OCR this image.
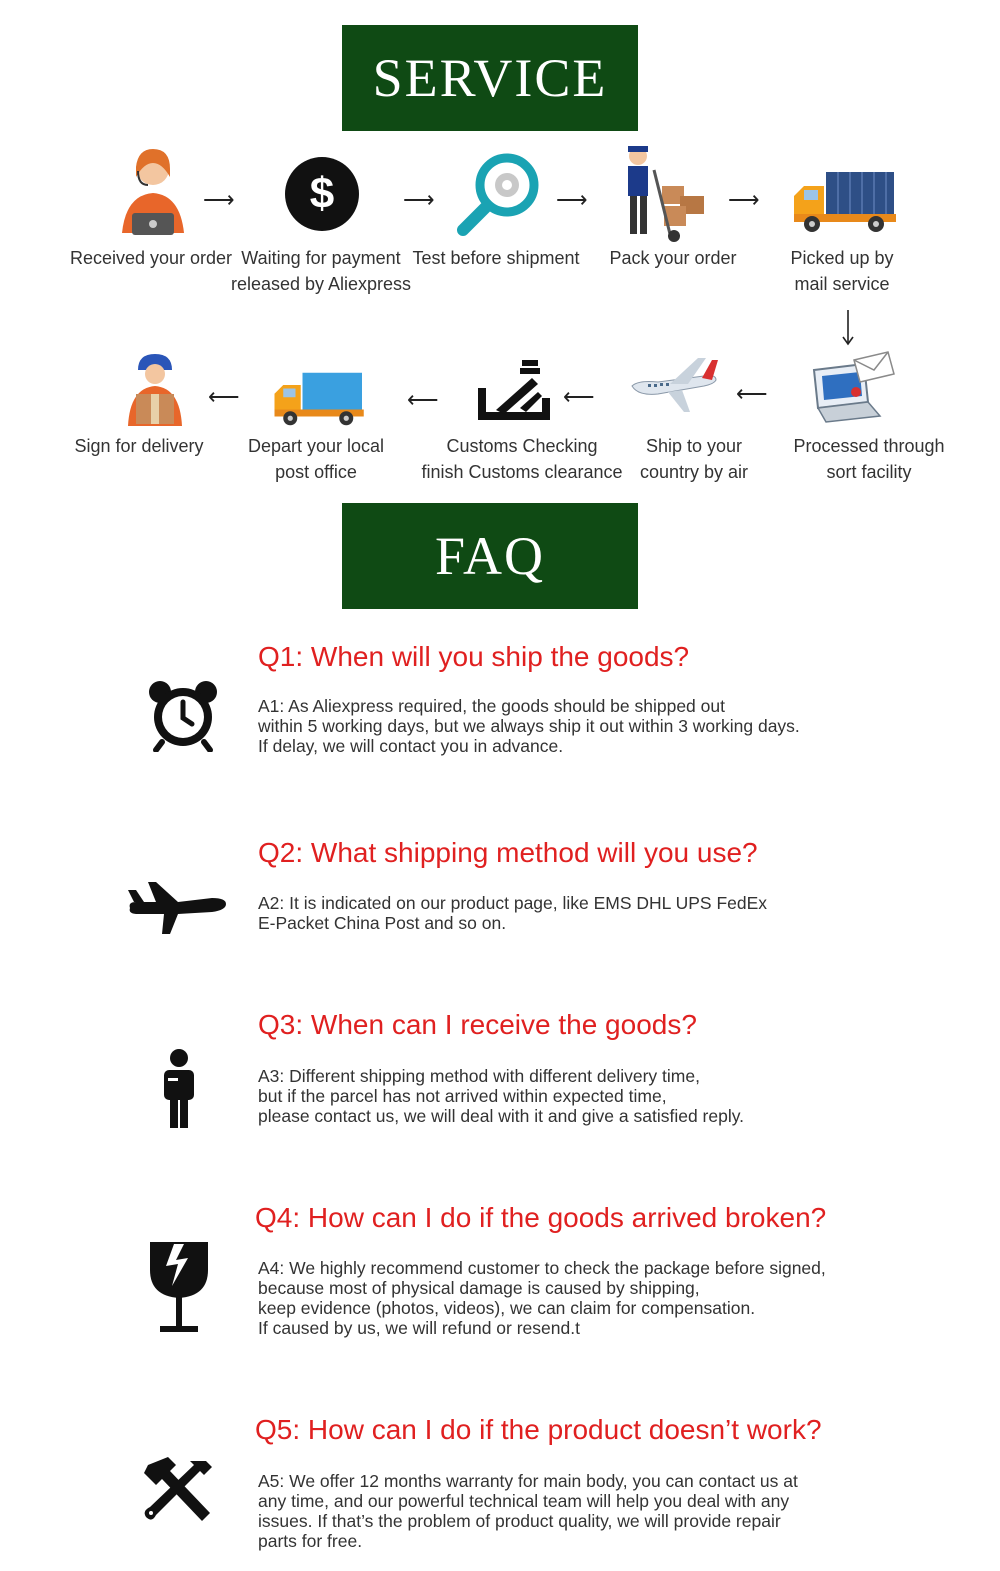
SERVICE
$
⟶	⟶	⟶	⟶
Received your order Waiting for payment
released by Aliexpress
Test before shipment Pack your order	Picked up by
mail service
⟵	⟵	⟵	⟵
Sign for delivery Depart your local
post office
Customs Checking
finish Customs clearance
Ship to your
country by air
Processed through
sort facility
FAQ
Q1: When will you ship the goods?
A1: As Aliexpress required, the goods should be shipped out
within 5 working days, but we always ship it out within 3 working days.
If delay, we will contact you in advance.
Q2: What shipping method will you use?
A2: It is indicated on our product page, like EMS DHL UPS FedEx
E-Packet China Post and so on.
Q3: When can I receive the goods?
A3: Different shipping method with different delivery time,
but if the parcel has not arrived within expected time,
please contact us, we will deal with it and give a satisfied reply.
Q4: How can I do if the goods arrived broken?
A4: We highly recommend customer to check the package before signed,
because most of physical damage is caused by shipping,
keep evidence (photos, videos), we can claim for compensation.
If caused by us, we will refund or resend.t
Q5: How can I do if the product doesn’t work?
A5: We offer 12 months warranty for main body, you can contact us at
any time, and our powerful technical team will help you deal with any
issues. If that’s the problem of product quality, we will provide repair
parts for free.
